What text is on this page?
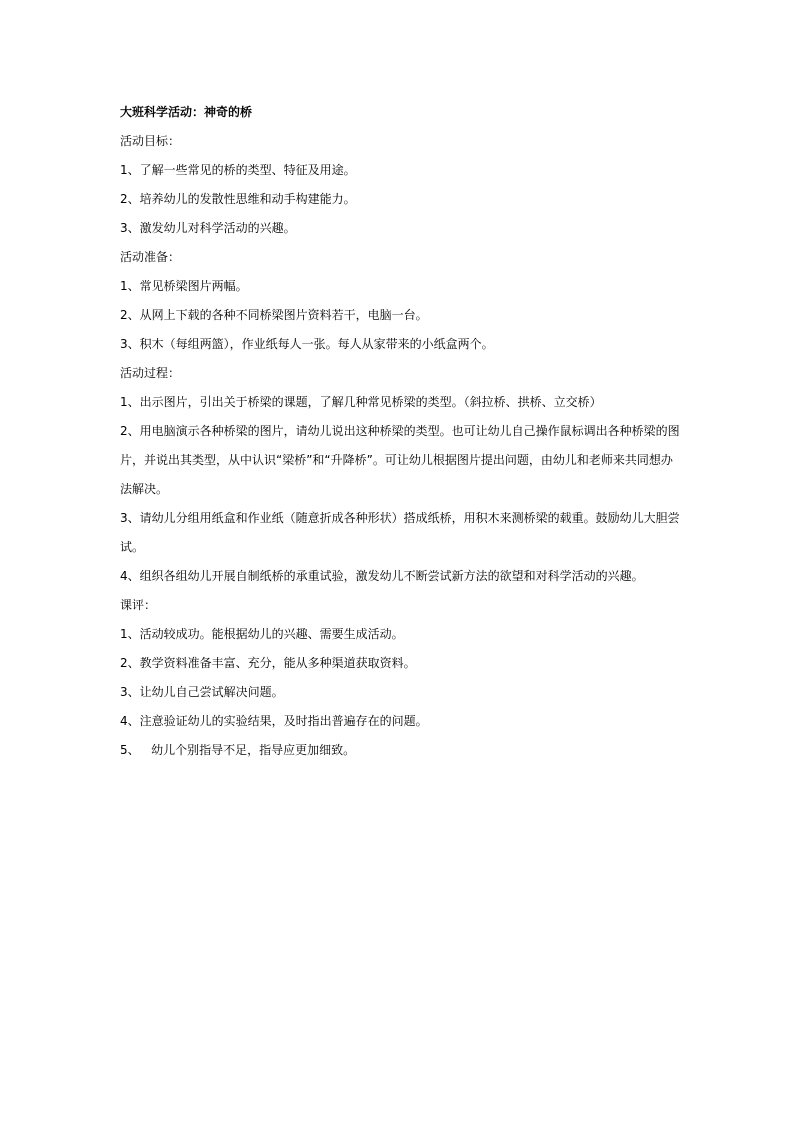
大班科学活动：神奇的桥

活动目标：

1、了解一些常见的桥的类型、特征及用途。

2、培养幼儿的发散性思维和动手构建能力。

3、激发幼儿对科学活动的兴趣。

活动准备：

1、常见桥梁图片两幅。

2、从网上下载的各种不同桥梁图片资料若干，电脑一台。

3、积木（每组两篮），作业纸每人一张。每人从家带来的小纸盒两个。

活动过程：

1、出示图片，引出关于桥梁的课题，了解几种常见桥梁的类型。（斜拉桥、拱桥、立交桥）

2、用电脑演示各种桥梁的图片，请幼儿说出这种桥梁的类型。也可让幼儿自己操作鼠标调出各种桥梁的图片，并说出其类型，从中认识“梁桥”和“升降桥”。可让幼儿根据图片提出问题，由幼儿和老师来共同想办法解决。

3、请幼儿分组用纸盒和作业纸（随意折成各种形状）搭成纸桥，用积木来测桥梁的载重。鼓励幼儿大胆尝试。

4、组织各组幼儿开展自制纸桥的承重试验，激发幼儿不断尝试新方法的欲望和对科学活动的兴趣。

课评：

1、活动较成功。能根据幼儿的兴趣、需要生成活动。

2、教学资料准备丰富、充分，能从多种渠道获取资料。

3、让幼儿自己尝试解决问题。

4、注意验证幼儿的实验结果，及时指出普遍存在的问题。

5、   幼儿个别指导不足，指导应更加细致。
